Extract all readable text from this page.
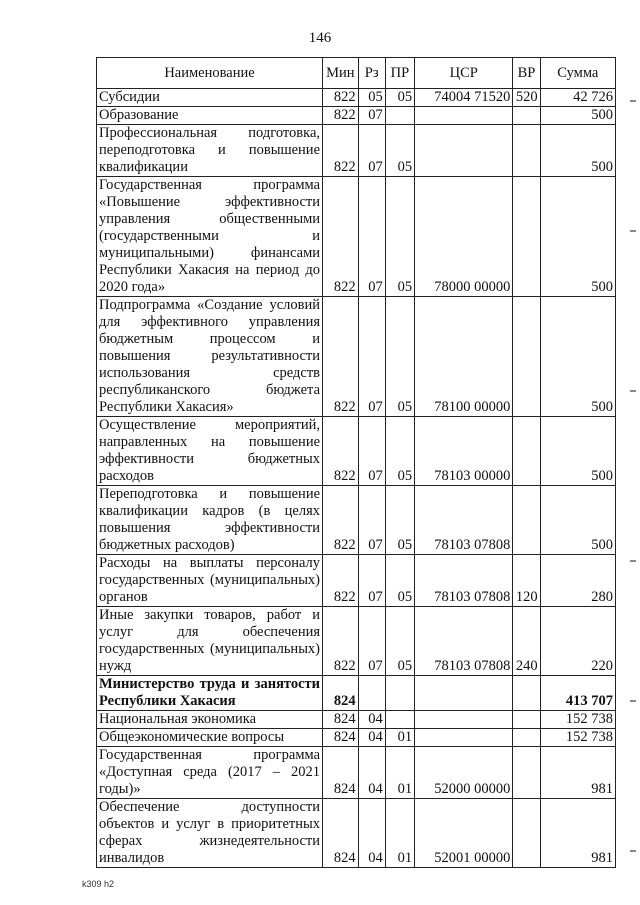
146
Наименование	Мин	Рз	ПР	ЦСР	ВР	Сумма
Субсидии	822	05	05	74004 71520	520	42 726
Образование	822	07				500
Профессиональная подготовка, переподготовка и повышение квалификации	822	07	05			500
Государственная программа «Повышение эффективности управления общественными (государственными и муниципальными) финансами Республики Хакасия на период до 2020 года»	822	07	05	78000 00000		500
Подпрограмма «Создание условий для эффективного управления бюджетным процессом и повышения результативности использования средств республиканского бюджета Республики Хакасия»	822	07	05	78100 00000		500
Осуществление мероприятий, направленных на повышение эффективности бюджетных расходов	822	07	05	78103 00000		500
Переподготовка и повышение квалификации кадров (в целях повышения эффективности бюджетных расходов)	822	07	05	78103 07808		500
Расходы на выплаты персоналу государственных (муниципальных) органов	822	07	05	78103 07808	120	280
Иные закупки товаров, работ и услуг для обеспечения государственных (муниципальных) нужд	822	07	05	78103 07808	240	220
Министерство труда и занятости Республики Хакасия	824					413 707
Национальная экономика	824	04				152 738
Общеэкономические вопросы	824	04	01			152 738
Государственная программа «Доступная среда (2017 – 2021 годы)»	824	04	01	52000 00000		981
Обеспечение доступности объектов и услуг в приоритетных сферах жизнедеятельности инвалидов	824	04	01	52001 00000		981
k309 h2
